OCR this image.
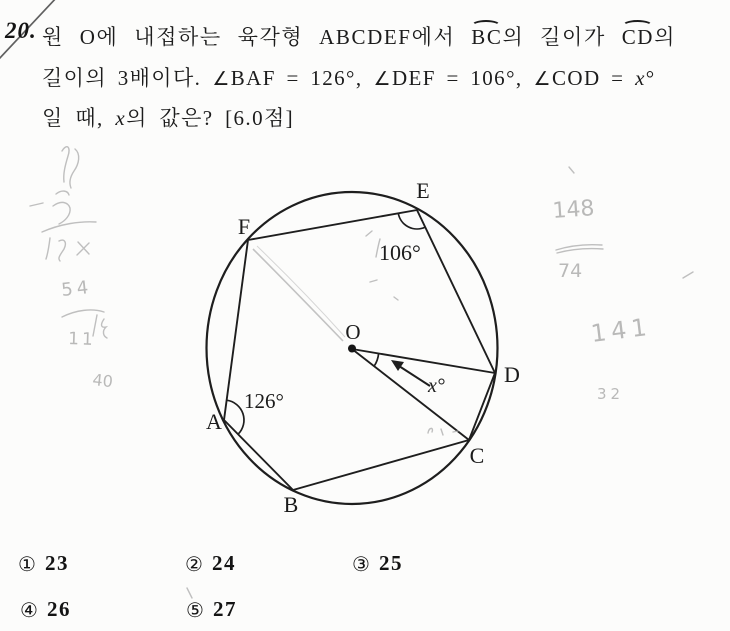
O
A
B
C
D
E
F
126°
106°
x°
54
11
40
148
74
141
32
20. 원 O에 내접하는 육각형 ABCDEF에서 BC
의 길이가 CD
의
길이의 3배이다. ∠BAF = 126°, ∠DEF = 106°, ∠COD = x°
일 때, x의 값은? [6.0점]
① 23	② 24	③ 25
④ 26	⑤ 27
